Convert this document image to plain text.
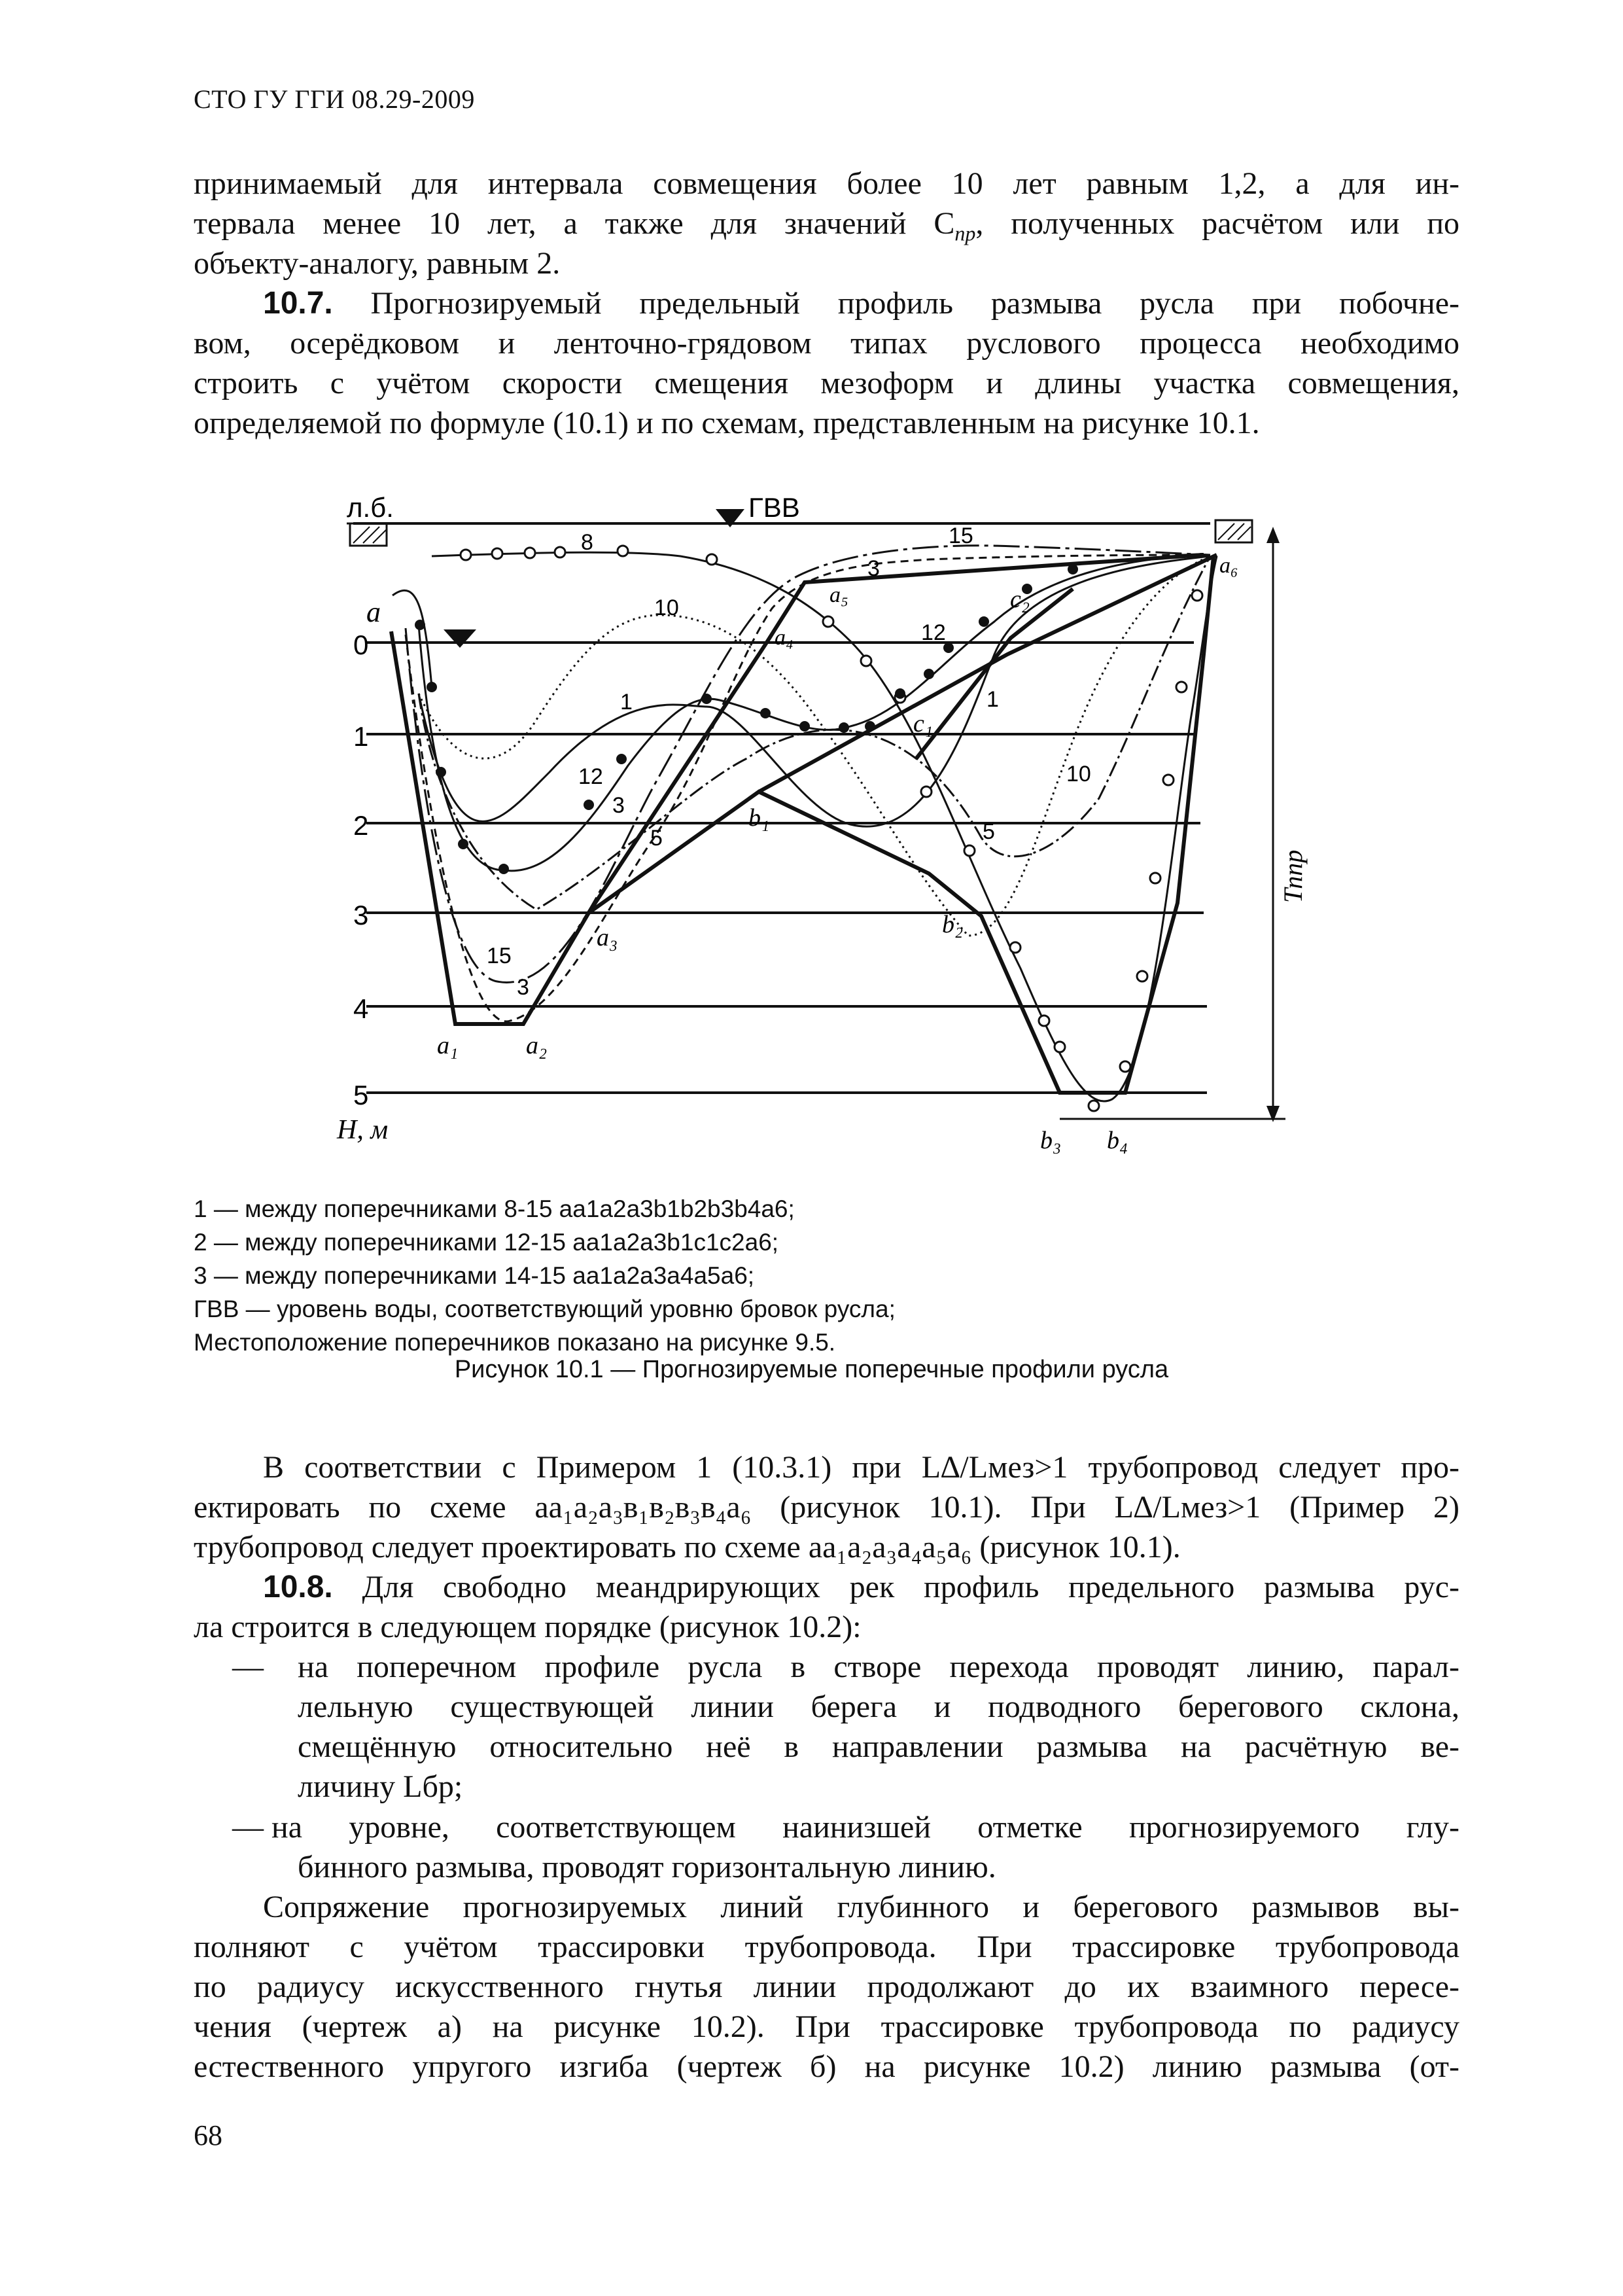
СТО ГУ ГГИ 08.29-2009
принимаемый для интервала совмещения более 10 лет равным 1,2, а для ин-
тервала менее 10 лет, а также для значений $С_{пр}$, полученных расчётом или по
объекту-аналогу, равным 2.
10.7. Прогнозируемый предельный профиль размыва русла при побочне-
вом, осерёдковом и ленточно-грядовом типах руслового процесса необходимо
строить с учётом скорости смещения мезоформ и длины участка совмещения,
определяемой по формуле (10.1) и по схемам, представленным на рисунке 10.1.
л.б.	ГВВ
0
1
2
3
4
5
Н, м
а
Тппр
а₁	а₂
а₃
а₄
а₅
а₆
b₁
b₂
b₃ b₄
c₁
c₂
8	15
3
10
12
1	1
12
3
5
10
5
15
3
1 — между поперечниками 8-15 аа1а2а3b1b2b3b4a6;
2 — между поперечниками 12-15 аа1а2а3b1c1c2a6;
3 — между поперечниками 14-15 аа1а2а3а4а5а6;
ГВВ — уровень воды, соответствующий уровню бровок русла;
Местоположение поперечников показано на рисунке 9.5.
Рисунок 10.1 — Прогнозируемые поперечные профили русла
В соответствии с Примером 1 (10.3.1) при L∆/Lмез>1 трубопровод следует про-
ектировать по схеме аа₁а₂а₃в₁в₂в₃в₄а₆ (рисунок 10.1). При L∆/Lмез>1 (Пример 2)
трубопровод следует проектировать по схеме аа₁а₂а₃а₄а₅а₆ (рисунок 10.1).
10.8. Для свободно меандрирующих рек профиль предельного размыва рус-
ла строится в следующем порядке (рисунок 10.2):
— на поперечном профиле русла в створе перехода проводят линию, парал-
лельную существующей линии берега и подводного берегового склона,
смещённую относительно неё в направлении размыва на расчётную ве-
личину Lбр;
— на уровне, соответствующем наинизшей отметке прогнозируемого глу-
бинного размыва, проводят горизонтальную линию.
Сопряжение прогнозируемых линий глубинного и берегового размывов вы-
полняют с учётом трассировки трубопровода. При трассировке трубопровода
по радиусу искусственного гнутья линии продолжают до их взаимного пересе-
чения (чертеж а) на рисунке 10.2). При трассировке трубопровода по радиусу
естественного упругого изгиба (чертеж б) на рисунке 10.2) линию размыва (от-
68
